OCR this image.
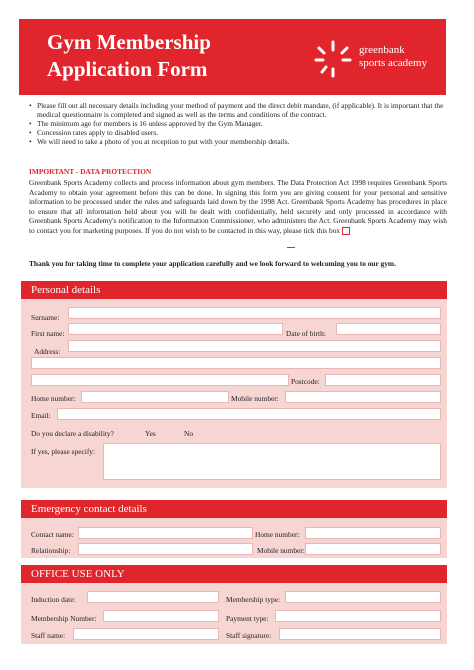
Gym Membership
Application Form
greenbank
sports academy
• Please fill out all necessary details including your method of payment and the direct debit mandate, (if applicable). It is important that the medical questionnaire is completed and signed as well as the terms and conditions of the contract.
• The minimum age for members is 16 unless approved by the Gym Manager.
• Concession rates apply to disabled users.
• We will need to take a photo of you at reception to put with your membership details.
IMPORTANT - DATA PROTECTION
Greenbank Sports Academy collects and process information about gym members. The Data Protection Act 1998 requires Greenbank Sports Academy to obtain your agreement before this can be done. In signing this form you are giving consent for your personal and sensitive information to be processed under the rules and safeguards laid down by the 1998 Act. Greenbank Sports Academy has procedures in place to ensure that all information held about you will be dealt with confidentially, held securely and only processed in accordance with Greenbank Sports Academy's notification to the Information Commissioner, who administers the Act. Greenbank Sports Academy may wish to contact you for marketing purposes. If you do not wish to be contacted in this way, please tick this box
Thank you for taking time to complete your application carefully and we look forward to welcoming you to our gym.
Personal details
Surname:
First name:	Date of birth:
Address:
Postcode:
Home number:	Mobile number:
Email:
Do you declare a disability?	Yes	No
If yes, please specify:
Emergency contact details
Contact name:	Home number:
Relationship:	Mobile number:
OFFICE USE ONLY
Induction date:	Membership type:
Membership Number:	Payment type:
Staff name:	Staff signature:
